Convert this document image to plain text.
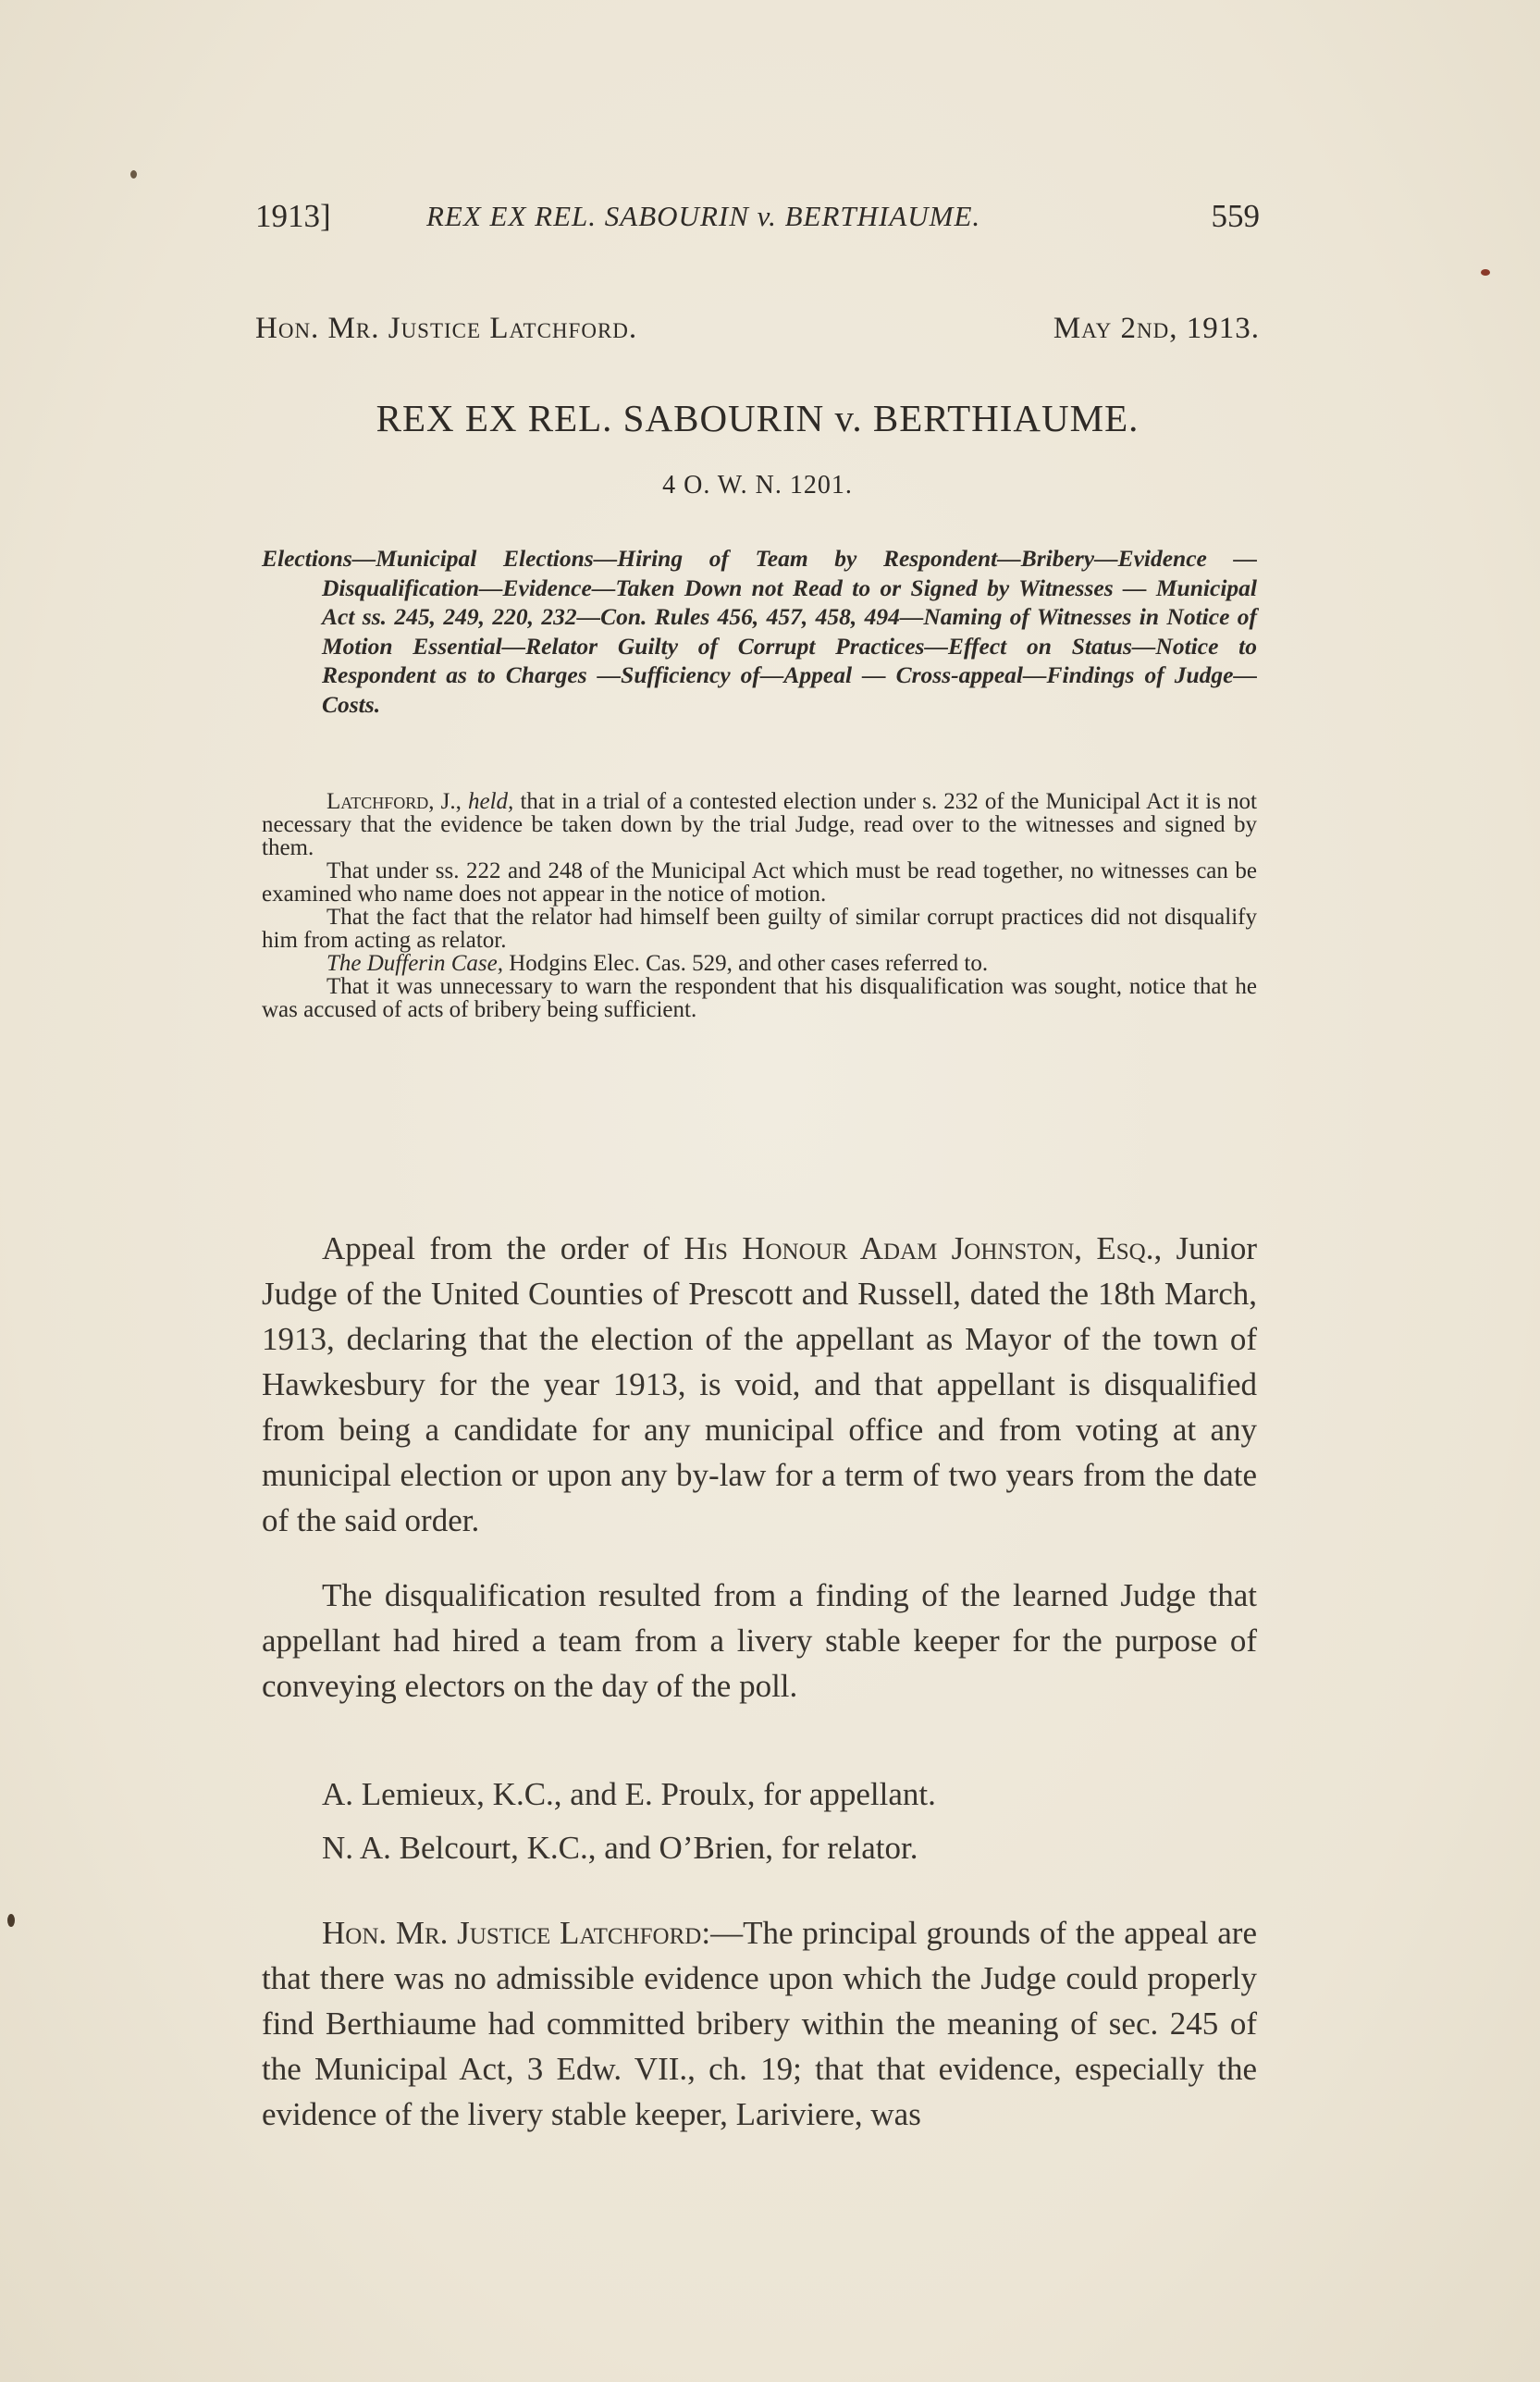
1913]	REX EX REL. SABOURIN v. BERTHIAUME.	559
Hon. Mr. Justice Latchford.	May 2nd, 1913.
REX EX REL. SABOURIN v. BERTHIAUME.
4 O. W. N. 1201.
Elections—Municipal Elections—Hiring of Team by Respondent—Bribery—Evidence — Disqualification—Evidence—Taken Down not Read to or Signed by Witnesses — Municipal Act ss. 245, 249, 220, 232—Con. Rules 456, 457, 458, 494—Naming of Witnesses in Notice of Motion Essential—Relator Guilty of Corrupt Practices—Effect on Status—Notice to Respondent as to Charges —Sufficiency of—Appeal — Cross-appeal—Findings of Judge—Costs.

Latchford, J., held, that in a trial of a contested election under s. 232 of the Municipal Act it is not necessary that the evidence be taken down by the trial Judge, read over to the witnesses and signed by them.

That under ss. 222 and 248 of the Municipal Act which must be read together, no witnesses can be examined who name does not appear in the notice of motion.

That the fact that the relator had himself been guilty of similar corrupt practices did not disqualify him from acting as relator.

The Dufferin Case, Hodgins Elec. Cas. 529, and other cases referred to.

That it was unnecessary to warn the respondent that his disqualification was sought, notice that he was accused of acts of bribery being sufficient.

Appeal from the order of His Honour Adam Johnston, Esq., Junior Judge of the United Counties of Prescott and Russell, dated the 18th March, 1913, declaring that the election of the appellant as Mayor of the town of Hawkesbury for the year 1913, is void, and that appellant is disqualified from being a candidate for any municipal office and from voting at any municipal election or upon any by-law for a term of two years from the date of the said order.

The disqualification resulted from a finding of the learned Judge that appellant had hired a team from a livery stable keeper for the purpose of conveying electors on the day of the poll.

A. Lemieux, K.C., and E. Proulx, for appellant.

N. A. Belcourt, K.C., and O’Brien, for relator.

Hon. Mr. Justice Latchford:—The principal grounds of the appeal are that there was no admissible evidence upon which the Judge could properly find Berthiaume had committed bribery within the meaning of sec. 245 of the Municipal Act, 3 Edw. VII., ch. 19; that that evidence, especially the evidence of the livery stable keeper, Lariviere, was
